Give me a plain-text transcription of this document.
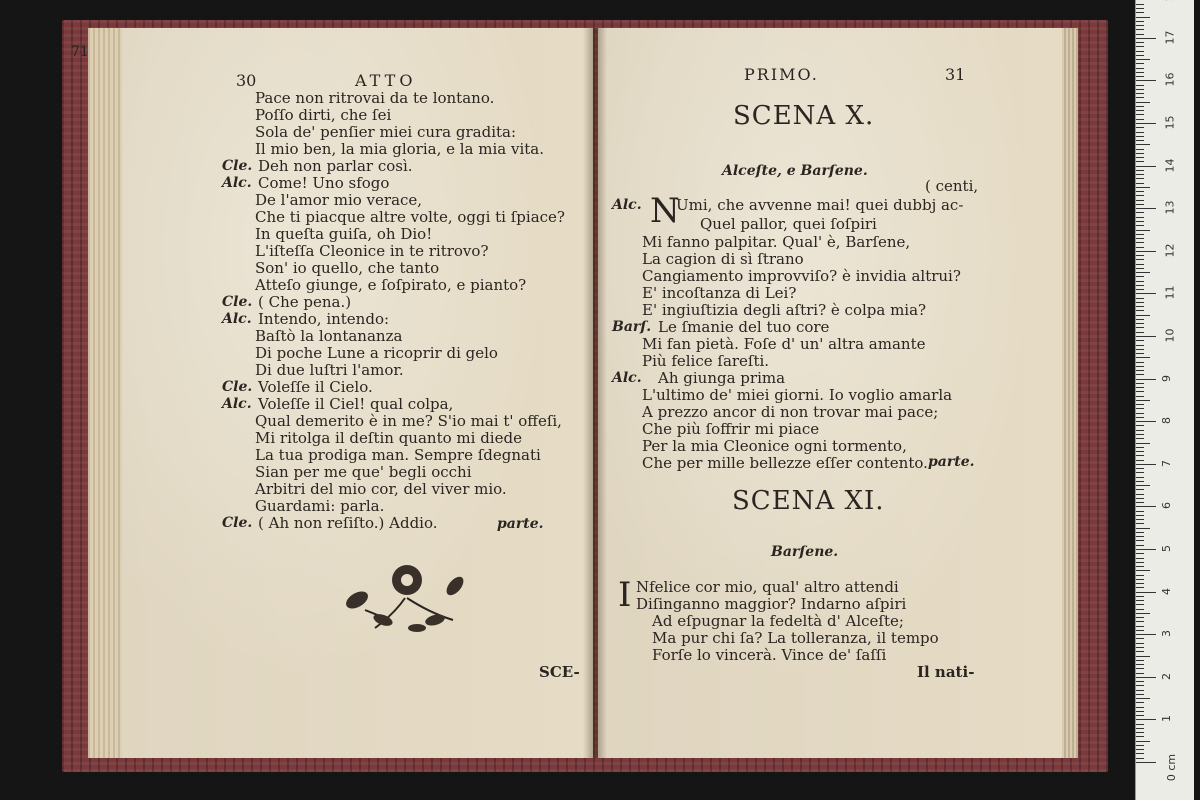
71
30	ATTO
Pace non ritrovai da te lontano.
Poſſo dirti, che ſei
Sola de' penſier miei cura gradita:
Il mio ben, la mia gloria, e la mia vita.
Cle. Deh non parlar così.
Alc. Come! Uno sfogo
De l'amor mio verace,
Che ti piacque altre volte, oggi ti ſpiace?
In queſta guiſa, oh Dio!
L'iſteſſa Cleonice in te ritrovo?
Son' io quello, che tanto
Atteſo giunge, e ſoſpirato, e pianto?
Cle. ( Che pena.)
Alc. Intendo, intendo:
Baſtò la lontananza
Di poche Lune a ricoprir di gelo
Di due luſtri l'amor.
Cle. Voleſſe il Cielo.
Alc. Voleſſe il Ciel! qual colpa,
Qual demerito è in me? S'io mai t' offeſi,
Mi ritolga il deſtin quanto mi diede
La tua prodiga man. Sempre ſdegnati
Sian per me que' begli occhi
Arbitri del mio cor, del viver mio.
Guardami: parla.
Cle. ( Ah non reſiſto.) Addio.	parte.
SCE-
PRIMO.	31
SCENA X.
Alceſte, e Barſene.
( centi,
N
Alc. Umi, che avvenne mai! quei dubbj ac-
Quel pallor, quei ſoſpiri
Mi fanno palpitar. Qual' è, Barſene,
La cagion di sì ſtrano
Cangiamento improvviſo? è invidia altrui?
E' incoſtanza di Lei?
E' ingiuſtizia degli aſtri? è colpa mia?
Barſ. Le ſmanie del tuo core
Mi fan pietà. Foſe d' un' altra amante
Più felice ſareſti.
Alc. Ah giunga prima
L'ultimo de' miei giorni. Io voglio amarla
A prezzo ancor di non trovar mai pace;
Che più ſoffrir mi piace
Per la mia Cleonice ogni tormento,
Che per mille bellezze eſſer contento. parte.
SCENA XI.
Barſene.
I Nfelice cor mio, qual' altro attendi
Diſinganno maggior? Indarno aſpiri
Ad eſpugnar la fedeltà d' Alceſte;
Ma pur chi ſa? La tolleranza, il tempo
Forſe lo vincerà. Vince de' ſaſſi
Il nati-
0 cm
1
2
3
4
5
6
7
8
9
10
11
12
13
14
15
16
17
